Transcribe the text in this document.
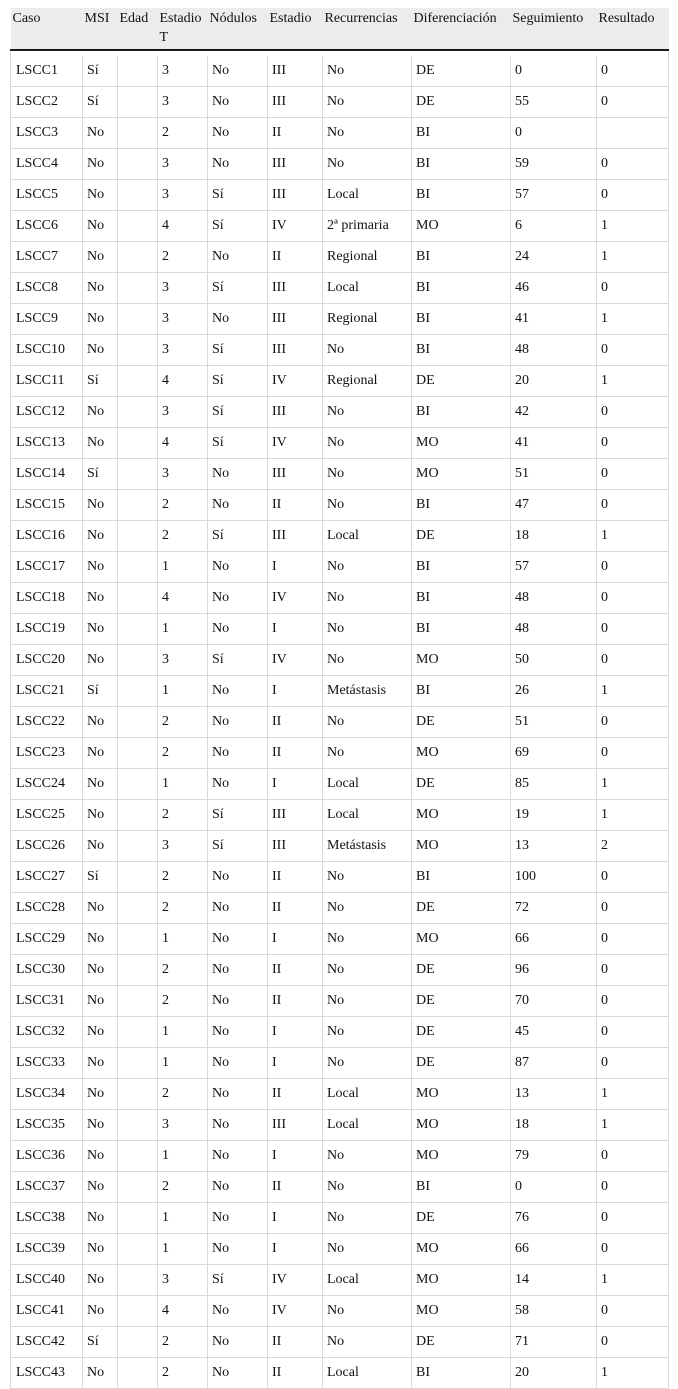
Caso	MSI	Edad	Estadio T	Nódulos	Estadio	Recurrencias	Diferenciación	Seguimiento	Resultado

LSCC1	Sí		3	No	III	No	DE	0	0
LSCC2	Sí		3	No	III	No	DE	55	0
LSCC3	No		2	No	II	No	BI	0	
LSCC4	No		3	No	III	No	BI	59	0
LSCC5	No		3	Sí	III	Local	BI	57	0
LSCC6	No		4	Sí	IV	2ª primaria	MO	6	1
LSCC7	No		2	No	II	Regional	BI	24	1
LSCC8	No		3	Sí	III	Local	BI	46	0
LSCC9	No		3	No	III	Regional	BI	41	1
LSCC10	No		3	Sí	III	No	BI	48	0
LSCC11	Sí		4	Sí	IV	Regional	DE	20	1
LSCC12	No		3	Sí	III	No	BI	42	0
LSCC13	No		4	Sí	IV	No	MO	41	0
LSCC14	Sí		3	No	III	No	MO	51	0
LSCC15	No		2	No	II	No	BI	47	0
LSCC16	No		2	Sí	III	Local	DE	18	1
LSCC17	No		1	No	I	No	BI	57	0
LSCC18	No		4	No	IV	No	BI	48	0
LSCC19	No		1	No	I	No	BI	48	0
LSCC20	No		3	Sí	IV	No	MO	50	0
LSCC21	Sí		1	No	I	Metástasis	BI	26	1
LSCC22	No		2	No	II	No	DE	51	0
LSCC23	No		2	No	II	No	MO	69	0
LSCC24	No		1	No	I	Local	DE	85	1
LSCC25	No		2	Sí	III	Local	MO	19	1
LSCC26	No		3	Sí	III	Metástasis	MO	13	2
LSCC27	Sí		2	No	II	No	BI	100	0
LSCC28	No		2	No	II	No	DE	72	0
LSCC29	No		1	No	I	No	MO	66	0
LSCC30	No		2	No	II	No	DE	96	0
LSCC31	No		2	No	II	No	DE	70	0
LSCC32	No		1	No	I	No	DE	45	0
LSCC33	No		1	No	I	No	DE	87	0
LSCC34	No		2	No	II	Local	MO	13	1
LSCC35	No		3	No	III	Local	MO	18	1
LSCC36	No		1	No	I	No	MO	79	0
LSCC37	No		2	No	II	No	BI	0	0
LSCC38	No		1	No	I	No	DE	76	0
LSCC39	No		1	No	I	No	MO	66	0
LSCC40	No		3	Sí	IV	Local	MO	14	1
LSCC41	No		4	No	IV	No	MO	58	0
LSCC42	Sí		2	No	II	No	DE	71	0
LSCC43	No		2	No	II	Local	BI	20	1
